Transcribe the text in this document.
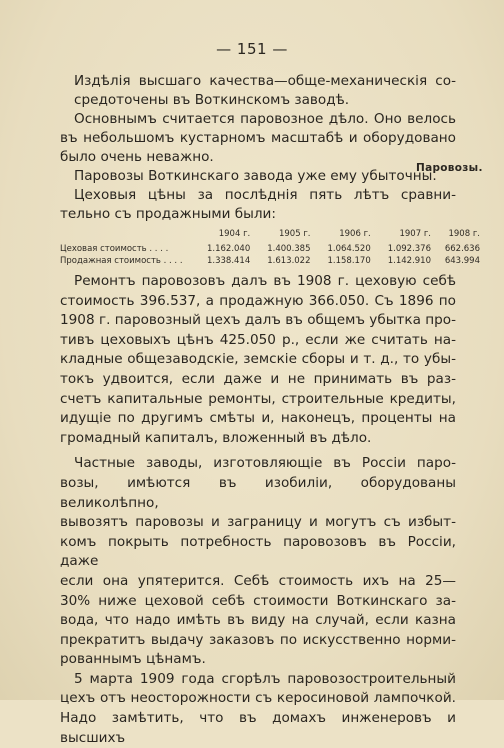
— 151 —
Издѣлія высшаго качества—обще-механическія со-
средоточены въ Воткинскомъ заводѣ.
Основнымъ считается паровозное дѣло. Оно велось
въ небольшомъ кустарномъ масштабѣ и оборудовано
было очень неважно.
Паровозы Воткинскаго завода уже ему убыточны.
Цеховыя цѣны за послѣднія пять лѣтъ сравни-
тельно съ продажными были:
Паровозы.
	1904 г.	1905 г.	1906 г.	1907 г.	1908 г.
Цеховая стоимость . . . .	1.162.040	1.400.385	1.064.520	1.092.376	662.636
Продажная стоимость . . . .	1.338.414	1.613.022	1.158.170	1.142.910	643.994
Ремонтъ паровозовъ далъ въ 1908 г. цеховую себѣ
стоимость 396.537, а продажную 366.050. Съ 1896 по
1908 г. паровозный цехъ далъ въ общемъ убытка про-
тивъ цеховыхъ цѣнъ 425.050 р., если же считать на-
кладные общезаводскіе, земскіе сборы и т. д., то убы-
токъ удвоится, если даже и не принимать въ раз-
счетъ капитальные ремонты, строительные кредиты,
идущіе по другимъ смѣты и, наконецъ, проценты на
громадный капиталъ, вложенный въ дѣло.
Частные заводы, изготовляющіе въ Россіи паро-
возы, имѣются въ изобиліи, оборудованы великолѣпно,
вывозятъ паровозы и заграницу и могутъ съ избыт-
комъ покрыть потребность паровозовъ въ Россіи, даже
если она упятерится. Себѣ стоимость ихъ на 25—
30% ниже цеховой себѣ стоимости Воткинскаго за-
вода, что надо имѣть въ виду на случай, если казна
прекратитъ выдачу заказовъ по искусственно норми-
рованнымъ цѣнамъ.
5 марта 1909 года сгорѣлъ паровозостроительный
цехъ отъ неосторожности съ керосиновой лампочкой.
Надо замѣтить, что въ домахъ инженеровъ и высшихъ
